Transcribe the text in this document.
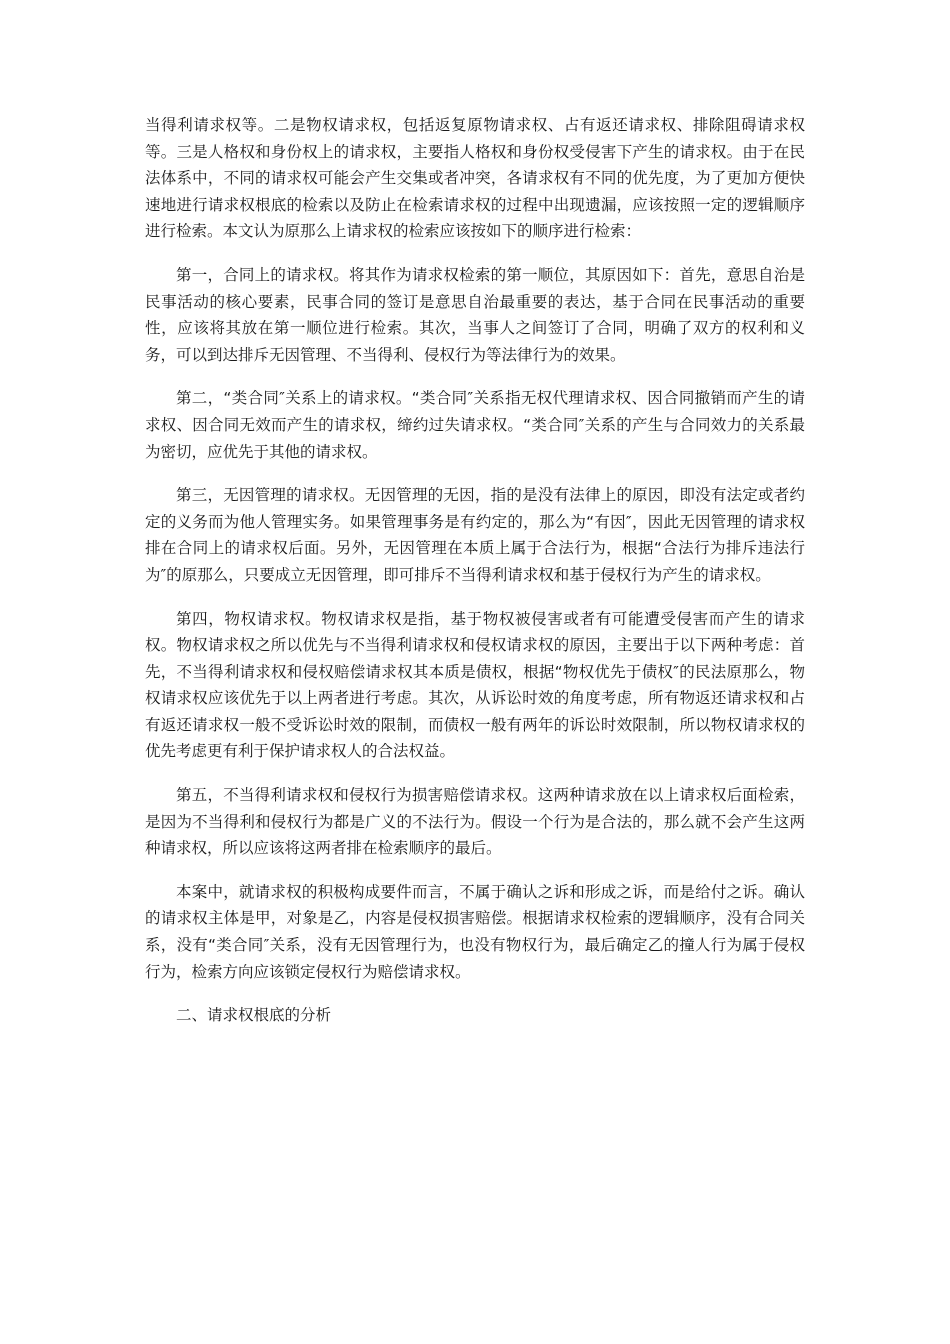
当得利请求权等。二是物权请求权，包括返复原物请求权、占有返还请求权、排除阻碍请求权等。三是人格权和身份权上的请求权，主要指人格权和身份权受侵害下产生的请求权。由于在民法体系中，不同的请求权可能会产生交集或者冲突，各请求权有不同的优先度，为了更加方便快速地进行请求权根底的检索以及防止在检索请求权的过程中出现遗漏，应该按照一定的逻辑顺序进行检索。本文认为原那么上请求权的检索应该按如下的顺序进行检索：

第一，合同上的请求权。将其作为请求权检索的第一顺位，其原因如下：首先，意思自治是民事活动的核心要素，民事合同的签订是意思自治最重要的表达，基于合同在民事活动的重要性，应该将其放在第一顺位进行检索。其次，当事人之间签订了合同，明确了双方的权利和义务，可以到达排斥无因管理、不当得利、侵权行为等法律行为的效果。

第二，“类合同″关系上的请求权。“类合同″关系指无权代理请求权、因合同撤销而产生的请求权、因合同无效而产生的请求权，缔约过失请求权。“类合同″关系的产生与合同效力的关系最为密切，应优先于其他的请求权。

第三，无因管理的请求权。无因管理的无因，指的是没有法律上的原因，即没有法定或者约定的义务而为他人管理实务。如果管理事务是有约定的，那么为“有因″，因此无因管理的请求权排在合同上的请求权后面。另外，无因管理在本质上属于合法行为，根据“合法行为排斥违法行为″的原那么，只要成立无因管理，即可排斥不当得利请求权和基于侵权行为产生的请求权。

第四，物权请求权。物权请求权是指，基于物权被侵害或者有可能遭受侵害而产生的请求权。物权请求权之所以优先与不当得利请求权和侵权请求权的原因，主要出于以下两种考虑：首先，不当得利请求权和侵权赔偿请求权其本质是债权，根据“物权优先于债权″的民法原那么，物权请求权应该优先于以上两者进行考虑。其次，从诉讼时效的角度考虑，所有物返还请求权和占有返还请求权一般不受诉讼时效的限制，而债权一般有两年的诉讼时效限制，所以物权请求权的优先考虑更有利于保护请求权人的合法权益。

第五，不当得利请求权和侵权行为损害赔偿请求权。这两种请求放在以上请求权后面检索，是因为不当得利和侵权行为都是广义的不法行为。假设一个行为是合法的，那么就不会产生这两种请求权，所以应该将这两者排在检索顺序的最后。

本案中，就请求权的积极构成要件而言，不属于确认之诉和形成之诉，而是给付之诉。确认的请求权主体是甲，对象是乙，内容是侵权损害赔偿。根据请求权检索的逻辑顺序，没有合同关系，没有“类合同″关系，没有无因管理行为，也没有物权行为，最后确定乙的撞人行为属于侵权行为，检索方向应该锁定侵权行为赔偿请求权。

二、请求权根底的分析
